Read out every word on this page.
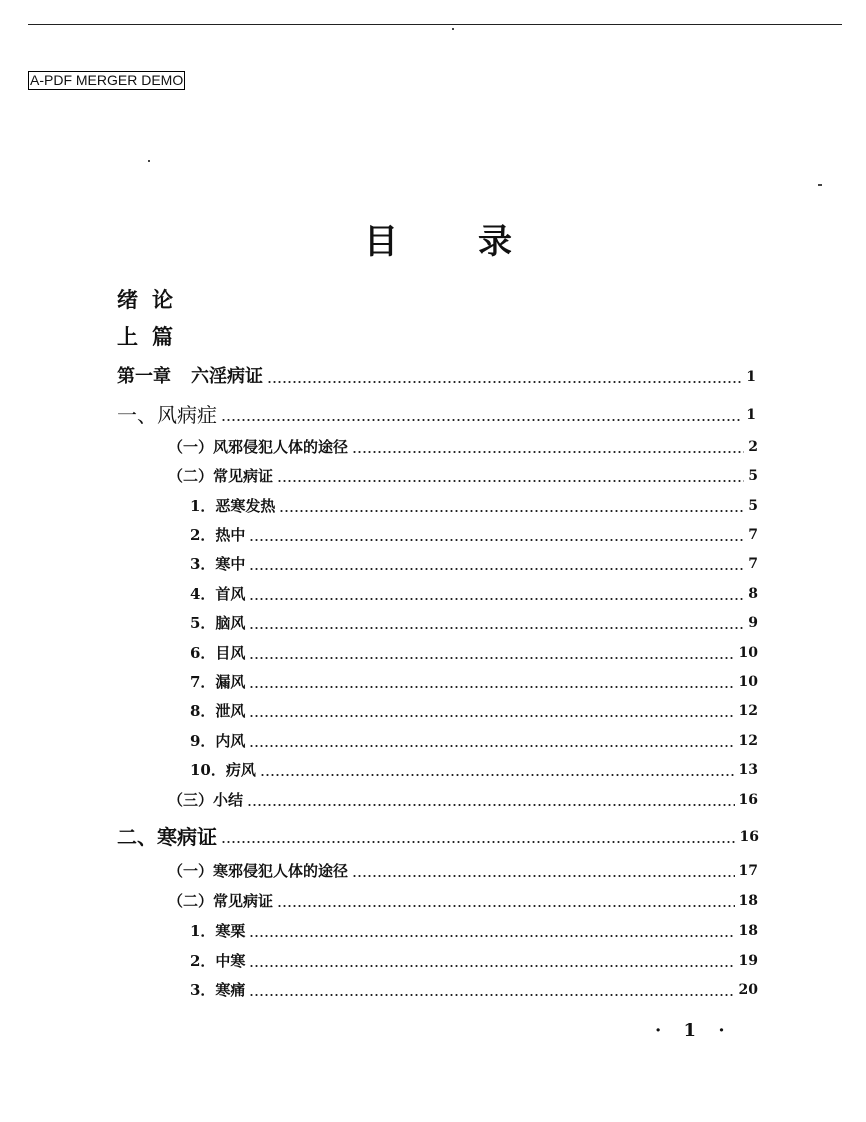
A-PDF MERGER DEMO
目 录
绪论
上篇
第一章 六淫病证	1
一、风病症	1
（一）风邪侵犯人体的途径	2
（二）常见病证	5
1．恶寒发热	5
2．热中	7
3．寒中	7
4．首风	8
5．脑风	9
6．目风	10
7．漏风	10
8．泄风	12
9．内风	12
10．疠风	13
（三）小结	16
二、寒病证	16
（一）寒邪侵犯人体的途径	17
（二）常见病证	18
1．寒栗	18
2．中寒	19
3．寒痛	20
· 1 ·
